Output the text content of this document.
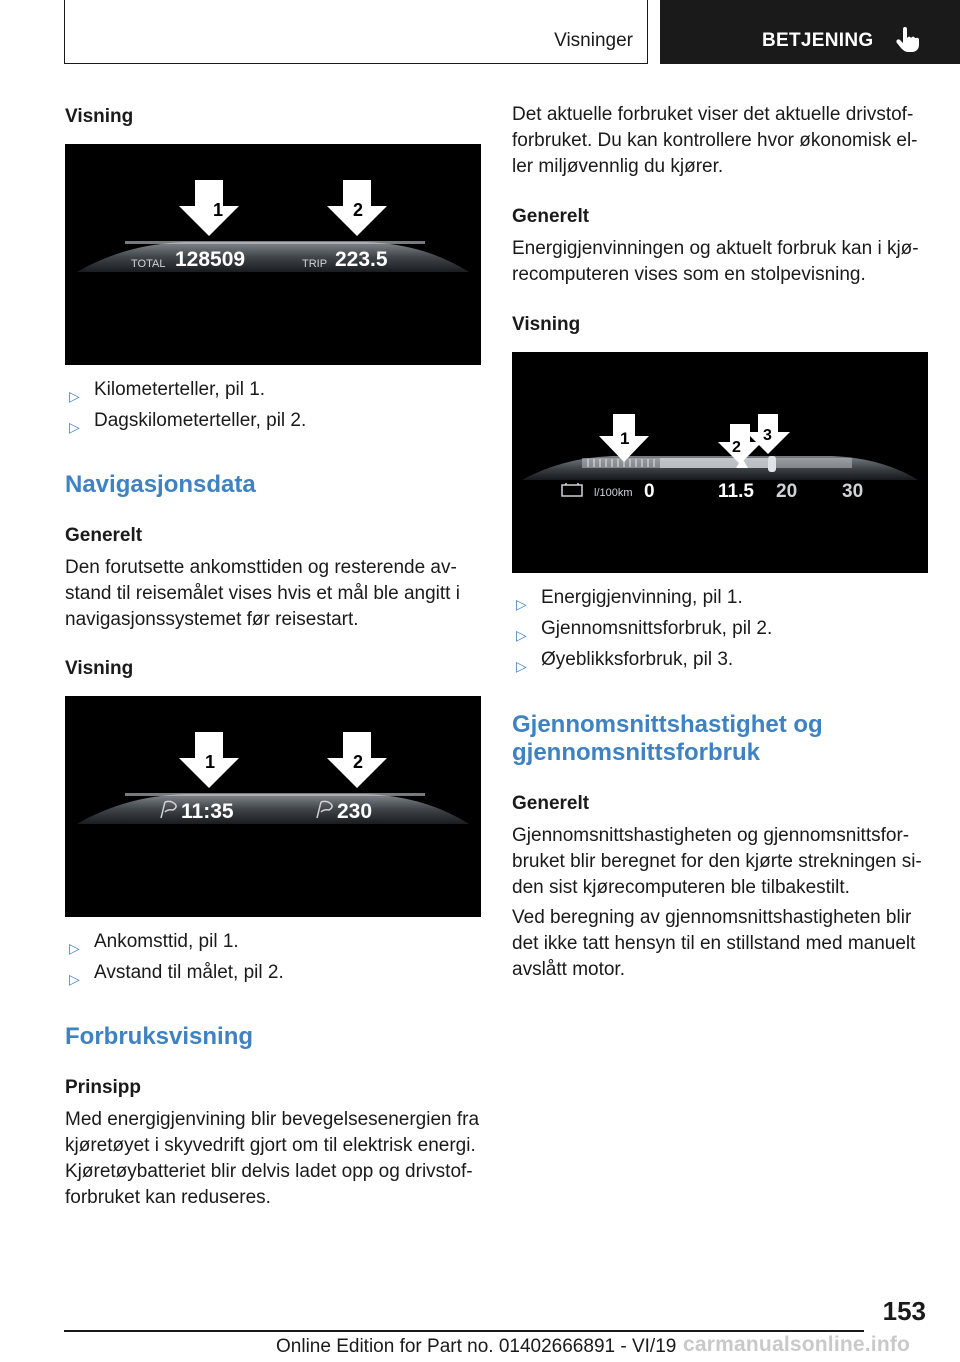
Visninger	BETJENING
Visning
1	2
TOTAL 128509	TRIP 223.5
▷ Kilometerteller, pil 1.
▷ Dagskilometerteller, pil 2.
Navigasjonsdata
Generelt

Den forutsette ankomsttiden og resterende av-

stand til reisemålet vises hvis et mål ble angitt i

navigasjonssystemet før reisestart.

Visning
1	2
11:35	230
▷ Ankomsttid, pil 1.
▷ Avstand til målet, pil 2.
Forbruksvisning
Prinsipp

Med energigjenvining blir bevegelsesenergien fra

kjøretøyet i skyvedrift gjort om til elektrisk energi.

Kjøretøybatteriet blir delvis ladet opp og drivstof-

forbruket kan reduseres.

Det aktuelle forbruket viser det aktuelle drivstof-

forbruket. Du kan kontrollere hvor økonomisk el-

ler miljøvennlig du kjører.

Generelt

Energigjenvinningen og aktuelt forbruk kan i kjø-

recomputeren vises som en stolpevisning.

Visning
1	2
3
l/100km 0	11.5 20 30
▷ Energigjenvinning, pil 1.
▷ Gjennomsnittsforbruk, pil 2.
▷ Øyeblikksforbruk, pil 3.
Gjennomsnittshastighet og
gjennomsnittsforbruk
Generelt

Gjennomsnittshastigheten og gjennomsnittsfor-

bruket blir beregnet for den kjørte strekningen si-

den sist kjørecomputeren ble tilbakestilt.

Ved beregning av gjennomsnittshastigheten blir

det ikke tatt hensyn til en stillstand med manuelt

avslått motor.

153
Online Edition for Part no. 01402666891 - VI/19 carmanualsonline.info
